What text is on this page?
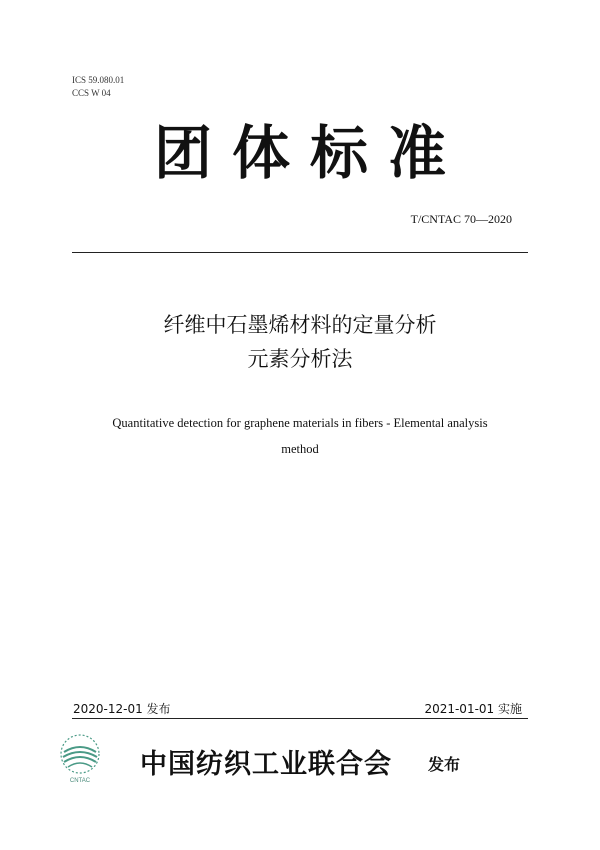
ICS 59.080.01
CCS W 04
团体标准
T/CNTAC 70—2020
纤维中石墨烯材料的定量分析
元素分析法
Quantitative detection for graphene materials in fibers - Elemental analysis
method
2020-12-01 发布	2021-01-01 实施
CNTAC
中国纺织工业联合会 发布
